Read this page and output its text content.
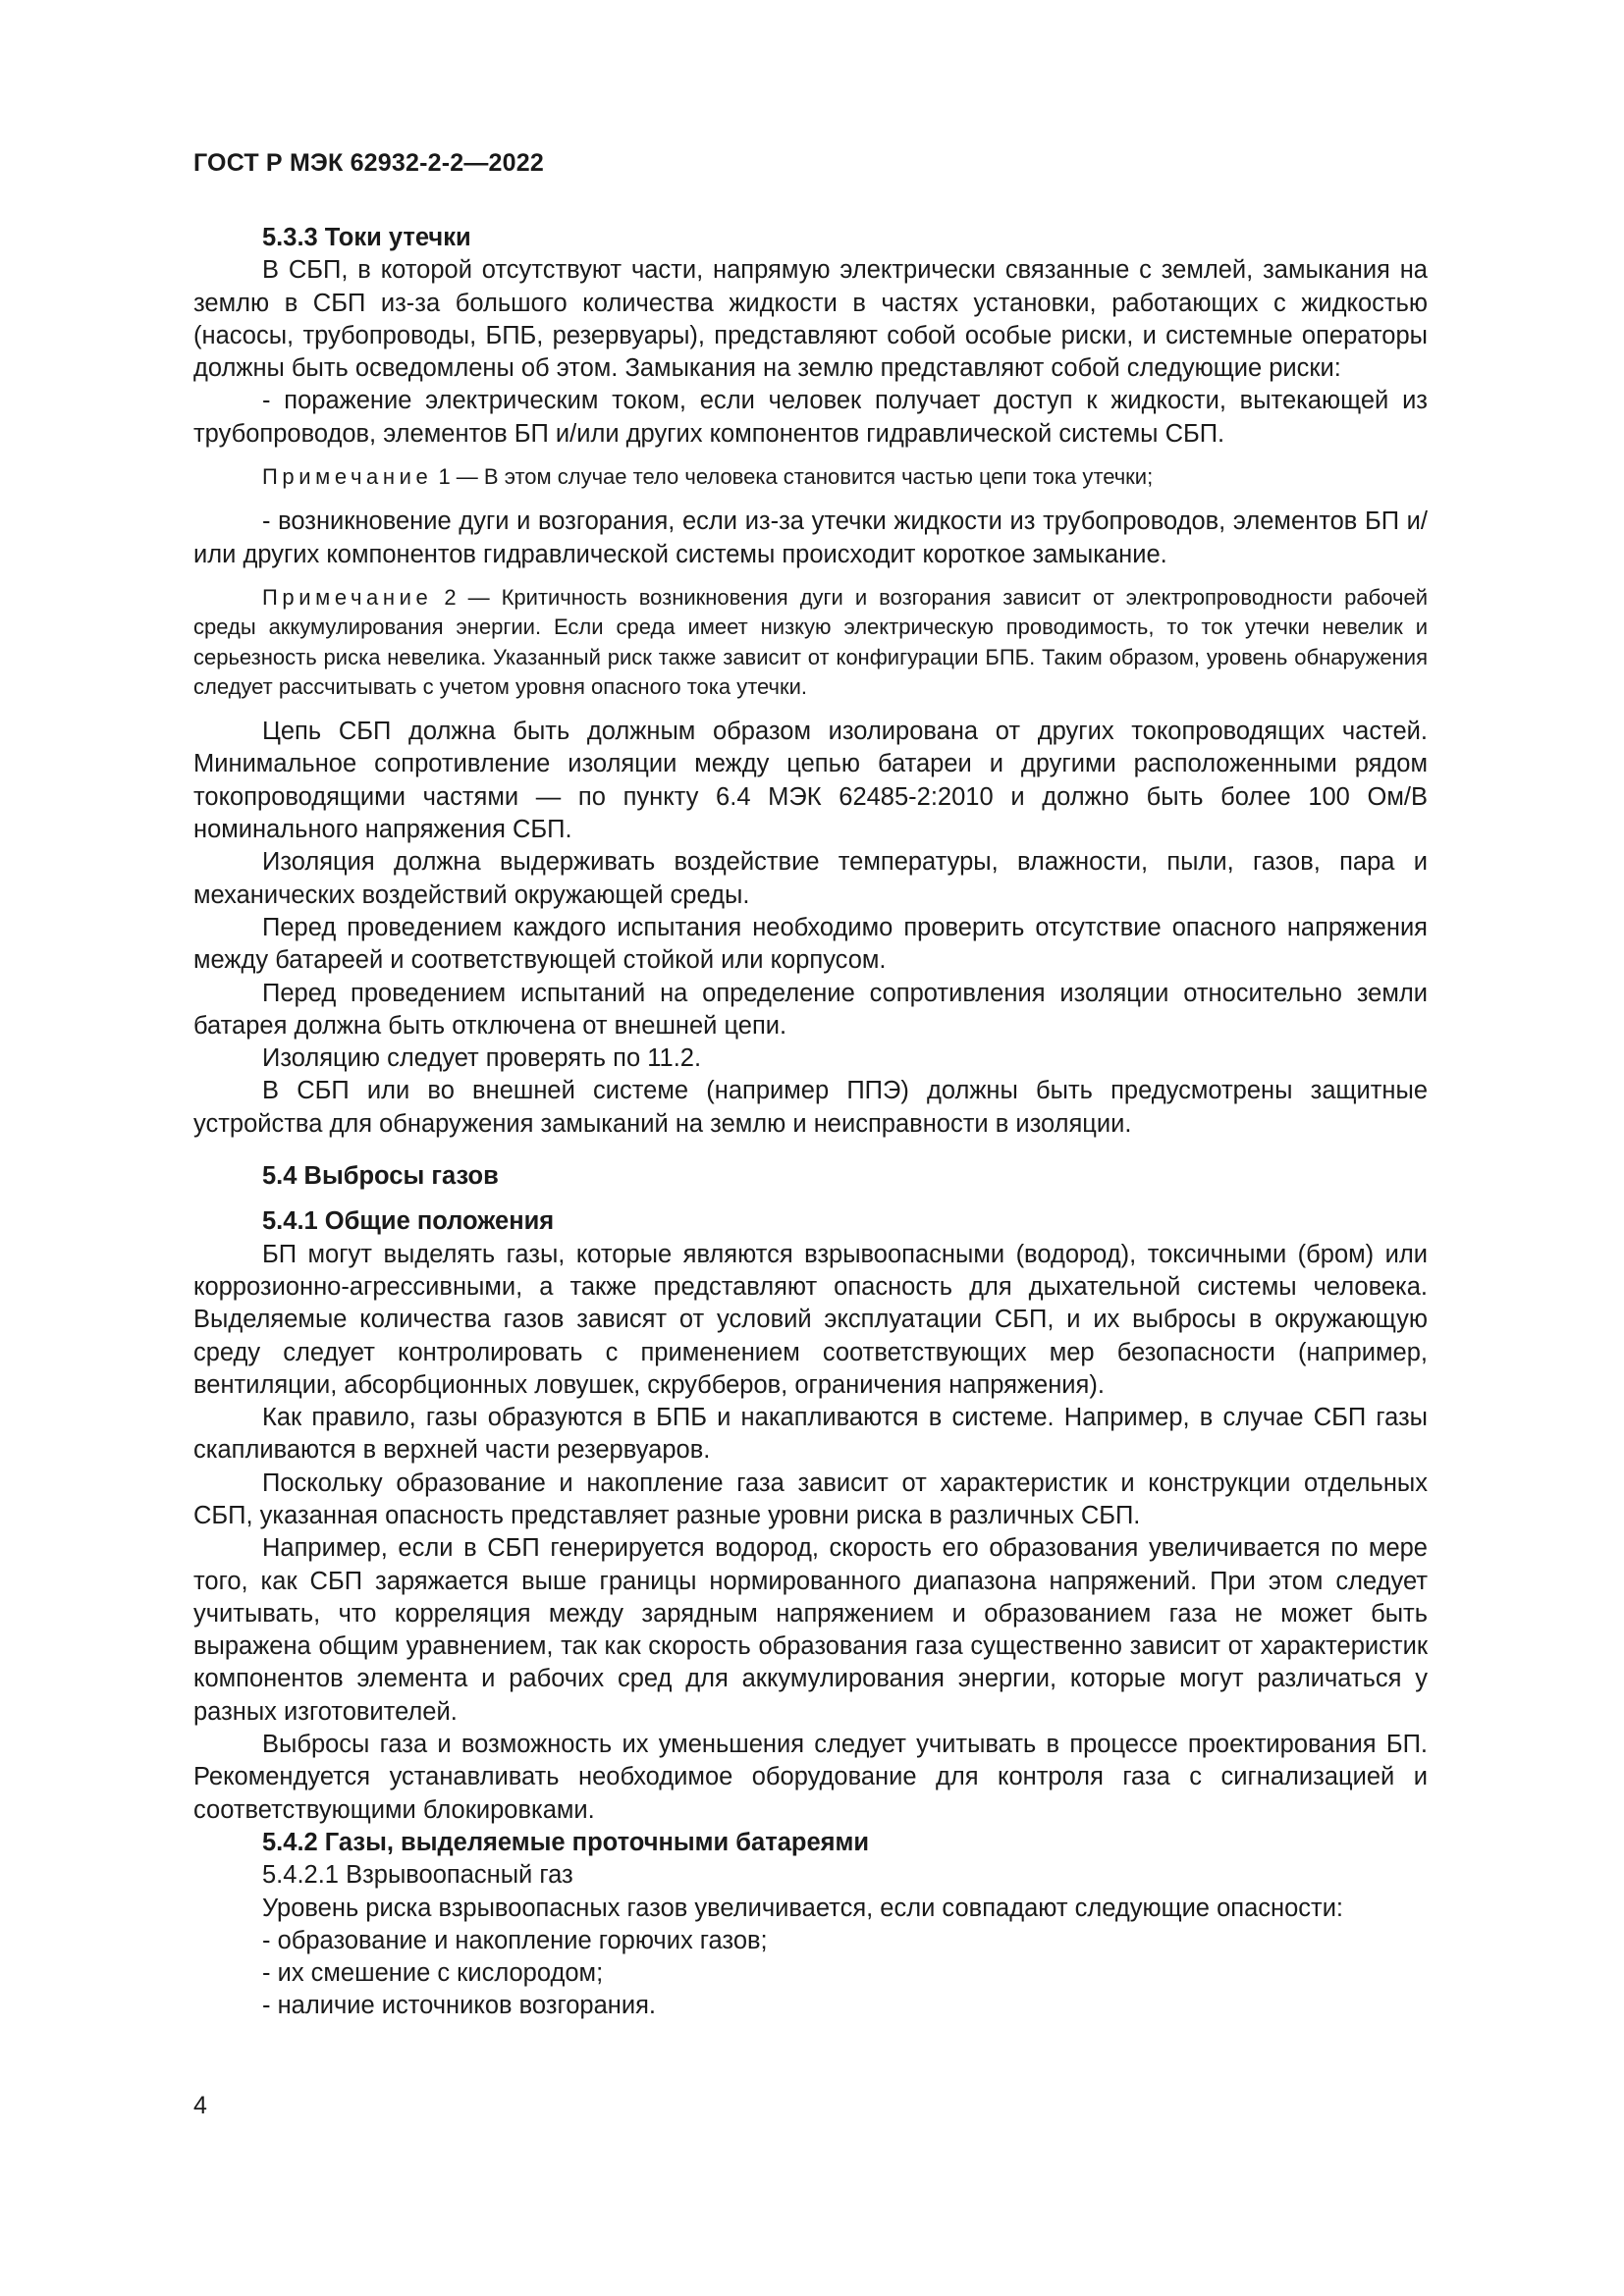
ГОСТ Р МЭК 62932-2-2—2022

5.3.3 Токи утечки

В СБП, в которой отсутствуют части, напрямую электрически связанные с землей, замыкания на землю в СБП из-за большого количества жидкости в частях установки, работающих с жидкостью (насосы, трубопроводы, БПБ, резервуары), представляют собой особые риски, и системные операторы должны быть осведомлены об этом. Замыкания на землю представляют собой следующие риски:

- поражение электрическим током, если человек получает доступ к жидкости, вытекающей из трубопроводов, элементов БП и/или других компонентов гидравлической системы СБП.

Примечание 1 — В этом случае тело человека становится частью цепи тока утечки;

- возникновение дуги и возгорания, если из-за утечки жидкости из трубопроводов, элементов БП и/или других компонентов гидравлической системы происходит короткое замыкание.

Примечание 2 — Критичность возникновения дуги и возгорания зависит от электропроводности рабочей среды аккумулирования энергии. Если среда имеет низкую электрическую проводимость, то ток утечки невелик и серьезность риска невелика. Указанный риск также зависит от конфигурации БПБ. Таким образом, уровень обнаружения следует рассчитывать с учетом уровня опасного тока утечки.

Цепь СБП должна быть должным образом изолирована от других токопроводящих частей. Минимальное сопротивление изоляции между цепью батареи и другими расположенными рядом токопроводящими частями — по пункту 6.4 МЭК 62485-2:2010 и должно быть более 100 Ом/В номинального напряжения СБП.

Изоляция должна выдерживать воздействие температуры, влажности, пыли, газов, пара и механических воздействий окружающей среды.

Перед проведением каждого испытания необходимо проверить отсутствие опасного напряжения между батареей и соответствующей стойкой или корпусом.

Перед проведением испытаний на определение сопротивления изоляции относительно земли батарея должна быть отключена от внешней цепи.

Изоляцию следует проверять по 11.2.

В СБП или во внешней системе (например ППЭ) должны быть предусмотрены защитные устройства для обнаружения замыканий на землю и неисправности в изоляции.

5.4 Выбросы газов

5.4.1 Общие положения

БП могут выделять газы, которые являются взрывоопасными (водород), токсичными (бром) или коррозионно-агрессивными, а также представляют опасность для дыхательной системы человека. Выделяемые количества газов зависят от условий эксплуатации СБП, и их выбросы в окружающую среду следует контролировать с применением соответствующих мер безопасности (например, вентиляции, абсорбционных ловушек, скрубберов, ограничения напряжения).

Как правило, газы образуются в БПБ и накапливаются в системе. Например, в случае СБП газы скапливаются в верхней части резервуаров.

Поскольку образование и накопление газа зависит от характеристик и конструкции отдельных СБП, указанная опасность представляет разные уровни риска в различных СБП.

Например, если в СБП генерируется водород, скорость его образования увеличивается по мере того, как СБП заряжается выше границы нормированного диапазона напряжений. При этом следует учитывать, что корреляция между зарядным напряжением и образованием газа не может быть выражена общим уравнением, так как скорость образования газа существенно зависит от характеристик компонентов элемента и рабочих сред для аккумулирования энергии, которые могут различаться у разных изготовителей.

Выбросы газа и возможность их уменьшения следует учитывать в процессе проектирования БП. Рекомендуется устанавливать необходимое оборудование для контроля газа с сигнализацией и соответствующими блокировками.

5.4.2 Газы, выделяемые проточными батареями

5.4.2.1 Взрывоопасный газ

Уровень риска взрывоопасных газов увеличивается, если совпадают следующие опасности:

- образование и накопление горючих газов;

- их смешение с кислородом;

- наличие источников возгорания.

4
